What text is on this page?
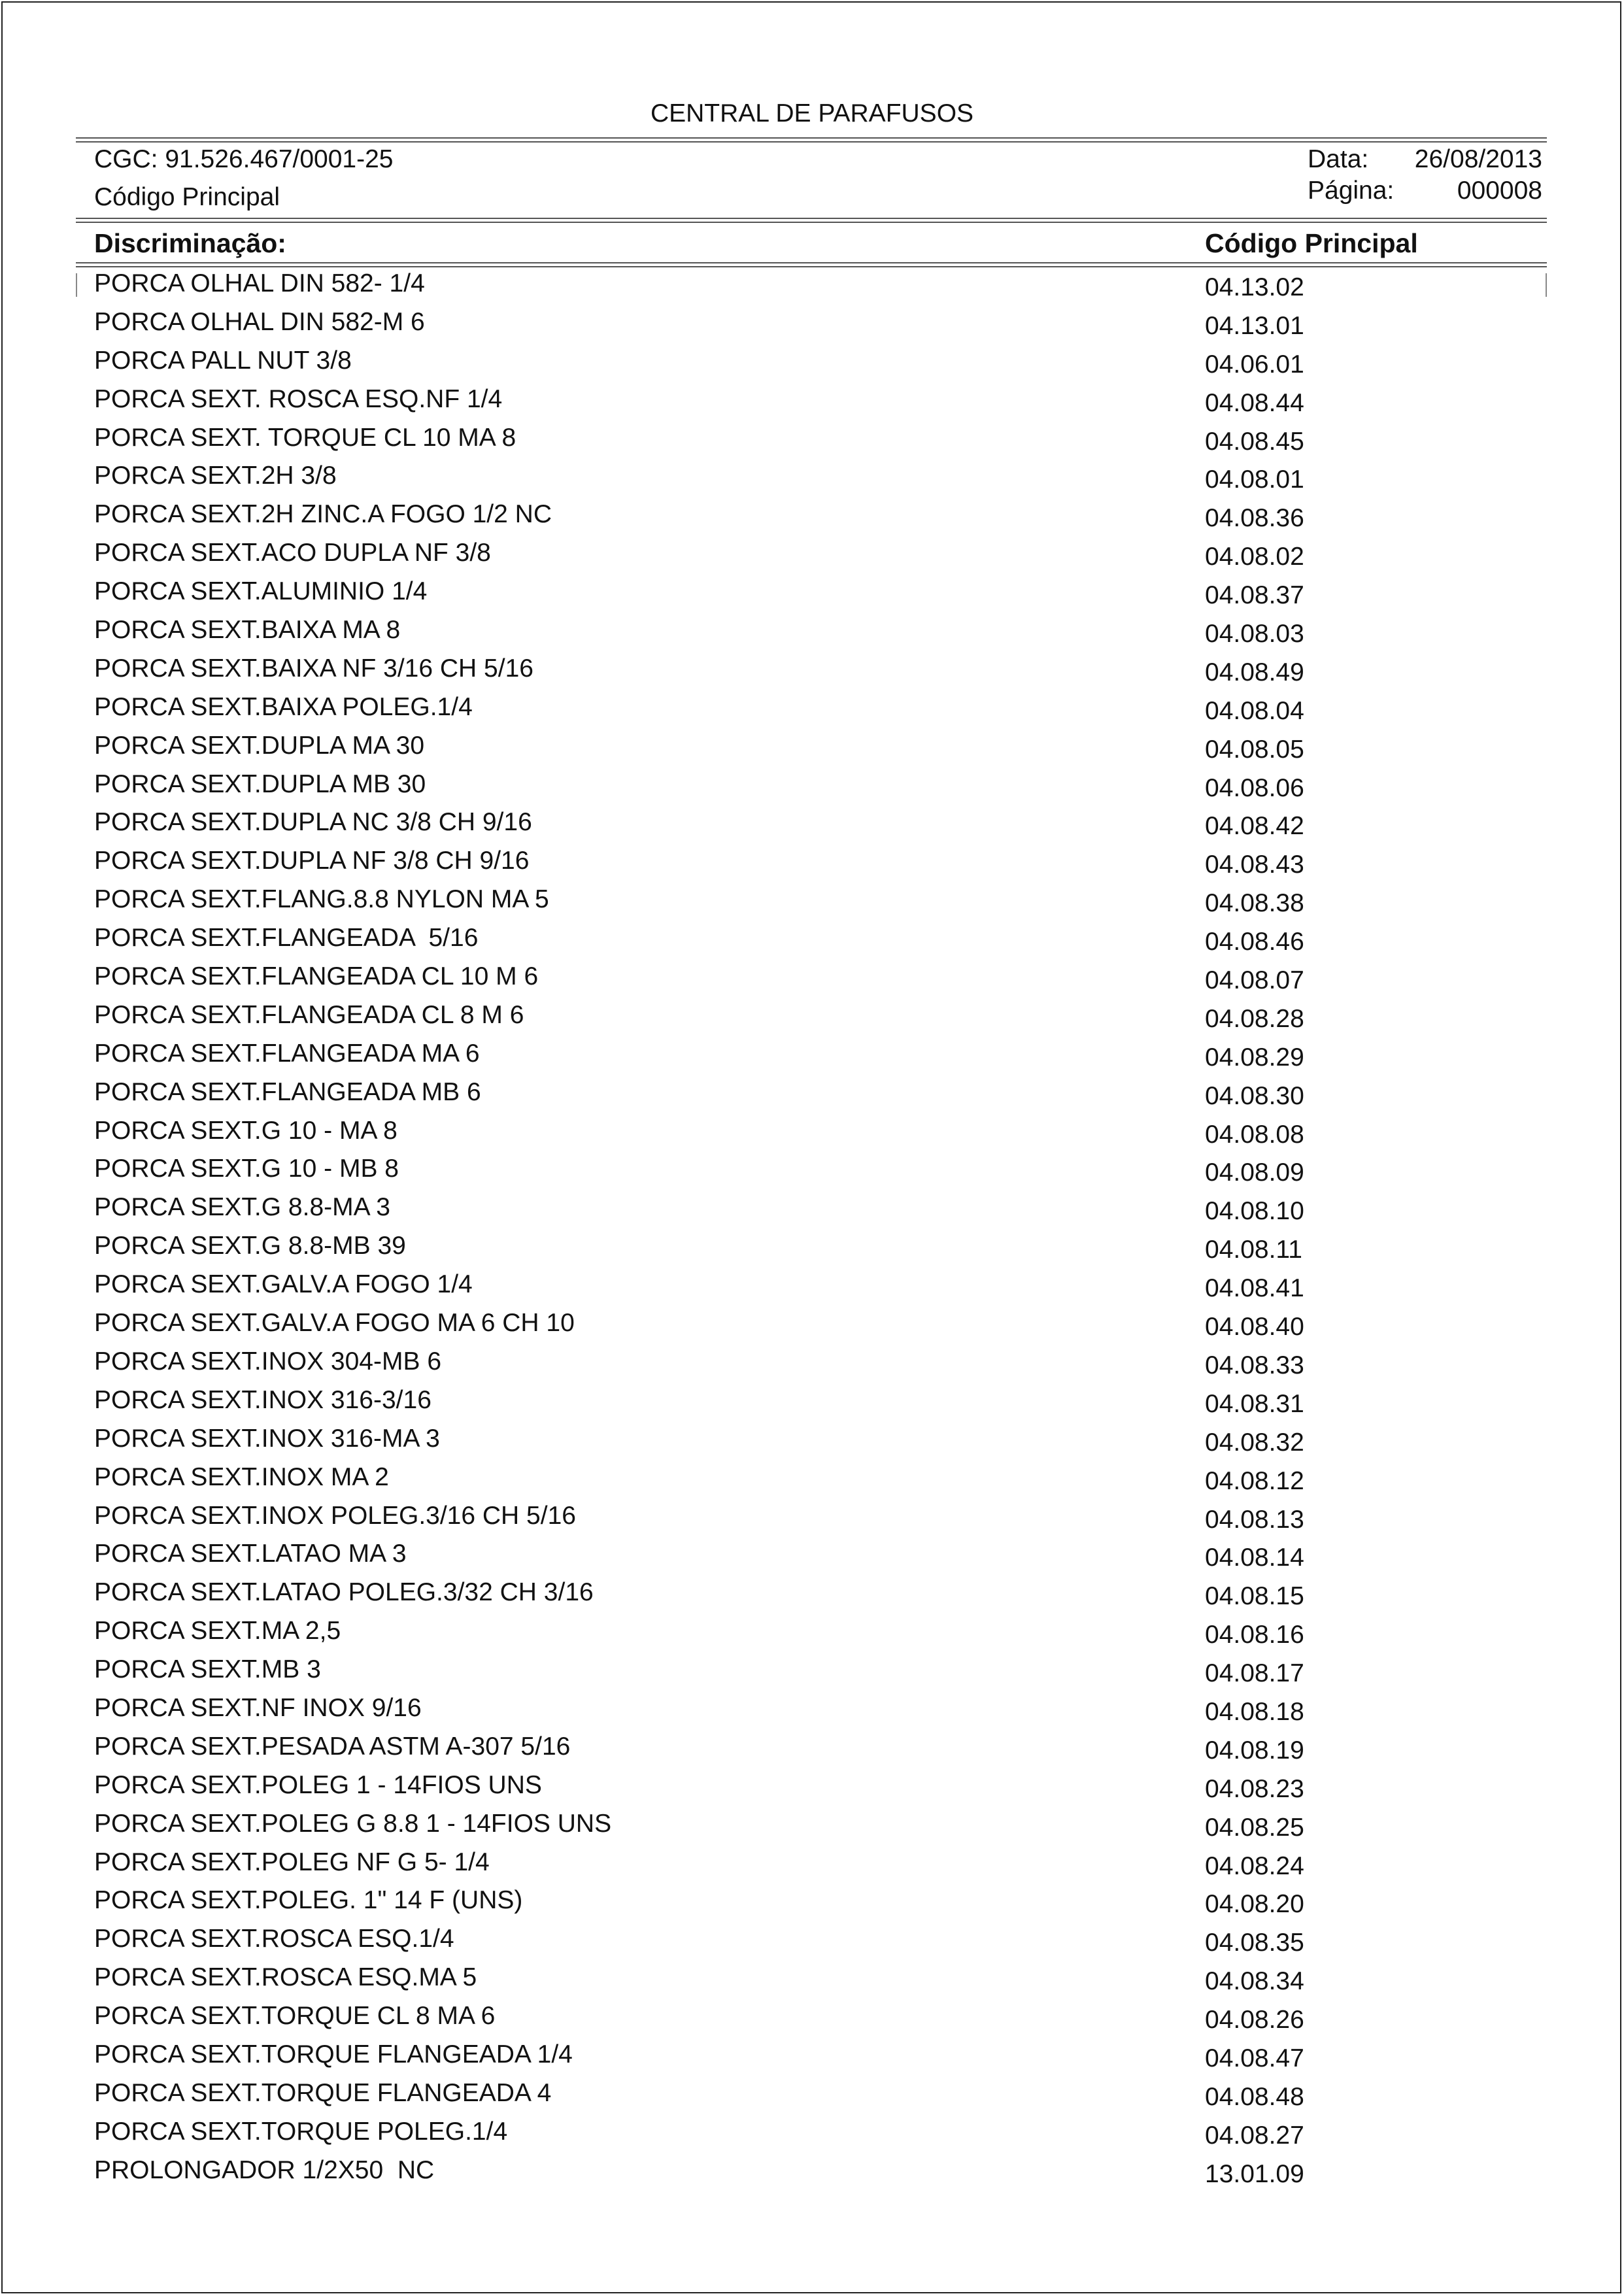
CENTRAL DE PARAFUSOS
CGC: 91.526.467/0001-25
Código Principal
Data: 26/08/2013
Página: 000008
Discriminação:	Código Principal
PORCA OLHAL DIN 582- 1/4	04.13.02
PORCA OLHAL DIN 582-M 6	04.13.01
PORCA PALL NUT 3/8	04.06.01
PORCA SEXT. ROSCA ESQ.NF 1/4	04.08.44
PORCA SEXT. TORQUE CL 10 MA 8	04.08.45
PORCA SEXT.2H 3/8	04.08.01
PORCA SEXT.2H ZINC.A FOGO 1/2 NC	04.08.36
PORCA SEXT.ACO DUPLA NF 3/8	04.08.02
PORCA SEXT.ALUMINIO 1/4	04.08.37
PORCA SEXT.BAIXA MA 8	04.08.03
PORCA SEXT.BAIXA NF 3/16 CH 5/16	04.08.49
PORCA SEXT.BAIXA POLEG.1/4	04.08.04
PORCA SEXT.DUPLA MA 30	04.08.05
PORCA SEXT.DUPLA MB 30	04.08.06
PORCA SEXT.DUPLA NC 3/8 CH 9/16	04.08.42
PORCA SEXT.DUPLA NF 3/8 CH 9/16	04.08.43
PORCA SEXT.FLANG.8.8 NYLON MA 5	04.08.38
PORCA SEXT.FLANGEADA  5/16	04.08.46
PORCA SEXT.FLANGEADA CL 10 M 6	04.08.07
PORCA SEXT.FLANGEADA CL 8 M 6	04.08.28
PORCA SEXT.FLANGEADA MA 6	04.08.29
PORCA SEXT.FLANGEADA MB 6	04.08.30
PORCA SEXT.G 10 - MA 8	04.08.08
PORCA SEXT.G 10 - MB 8	04.08.09
PORCA SEXT.G 8.8-MA 3	04.08.10
PORCA SEXT.G 8.8-MB 39	04.08.11
PORCA SEXT.GALV.A FOGO 1/4	04.08.41
PORCA SEXT.GALV.A FOGO MA 6 CH 10	04.08.40
PORCA SEXT.INOX 304-MB 6	04.08.33
PORCA SEXT.INOX 316-3/16	04.08.31
PORCA SEXT.INOX 316-MA 3	04.08.32
PORCA SEXT.INOX MA 2	04.08.12
PORCA SEXT.INOX POLEG.3/16 CH 5/16	04.08.13
PORCA SEXT.LATAO MA 3	04.08.14
PORCA SEXT.LATAO POLEG.3/32 CH 3/16	04.08.15
PORCA SEXT.MA 2,5	04.08.16
PORCA SEXT.MB 3	04.08.17
PORCA SEXT.NF INOX 9/16	04.08.18
PORCA SEXT.PESADA ASTM A-307 5/16	04.08.19
PORCA SEXT.POLEG 1 - 14FIOS UNS	04.08.23
PORCA SEXT.POLEG G 8.8 1 - 14FIOS UNS	04.08.25
PORCA SEXT.POLEG NF G 5- 1/4	04.08.24
PORCA SEXT.POLEG. 1" 14 F (UNS)	04.08.20
PORCA SEXT.ROSCA ESQ.1/4	04.08.35
PORCA SEXT.ROSCA ESQ.MA 5	04.08.34
PORCA SEXT.TORQUE CL 8 MA 6	04.08.26
PORCA SEXT.TORQUE FLANGEADA 1/4	04.08.47
PORCA SEXT.TORQUE FLANGEADA 4	04.08.48
PORCA SEXT.TORQUE POLEG.1/4	04.08.27
PROLONGADOR 1/2X50  NC	13.01.09
